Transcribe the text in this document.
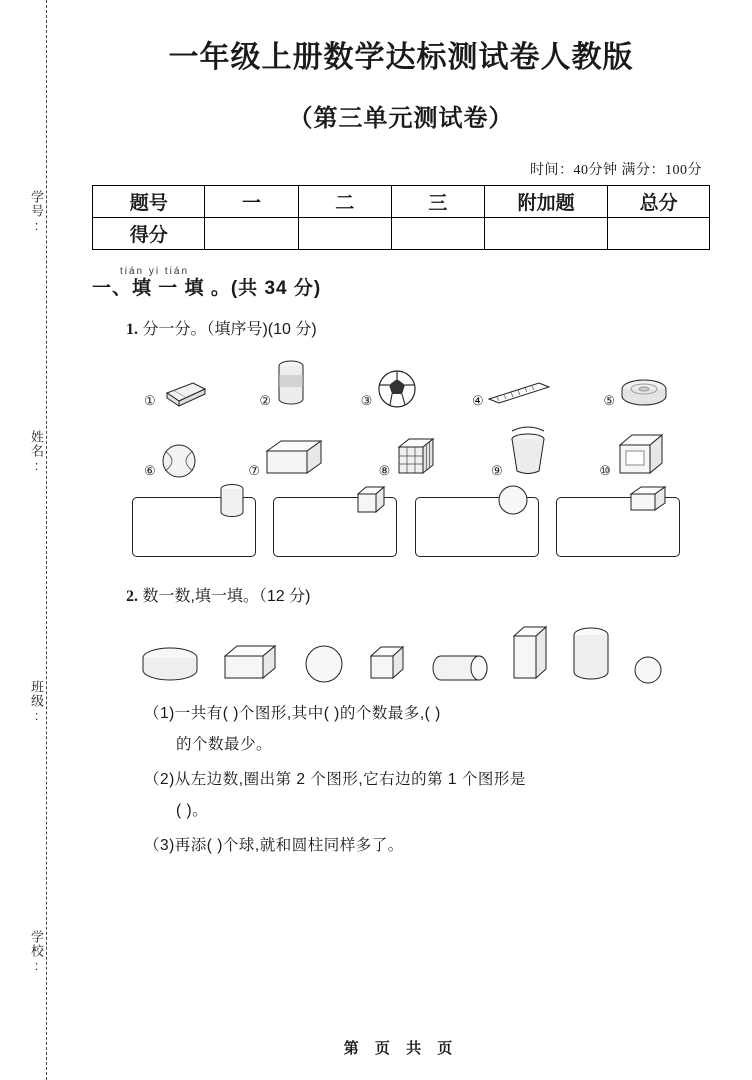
学号:
姓名:
班级:
学校:
一年级上册数学达标测试卷人教版
（第三单元测试卷）
时间：40分钟 满分：100分
题号	一	二	三	附加题	总分
得分					
tián yi tián
一、填 一 填 。(共 34 分)
1. 分一分。（填序号)(10 分)
①	②	③	④	⑤
⑥	⑦	⑧	⑨	⑩
2. 数一数,填一填。（12 分)
（1)一共有( )个图形,其中( )的个数最多,( )
的个数最少。
（2)从左边数,圈出第 2 个图形,它右边的第 1 个图形是
( )。
（3)再添( )个球,就和圆柱同样多了。
第 页 共 页
